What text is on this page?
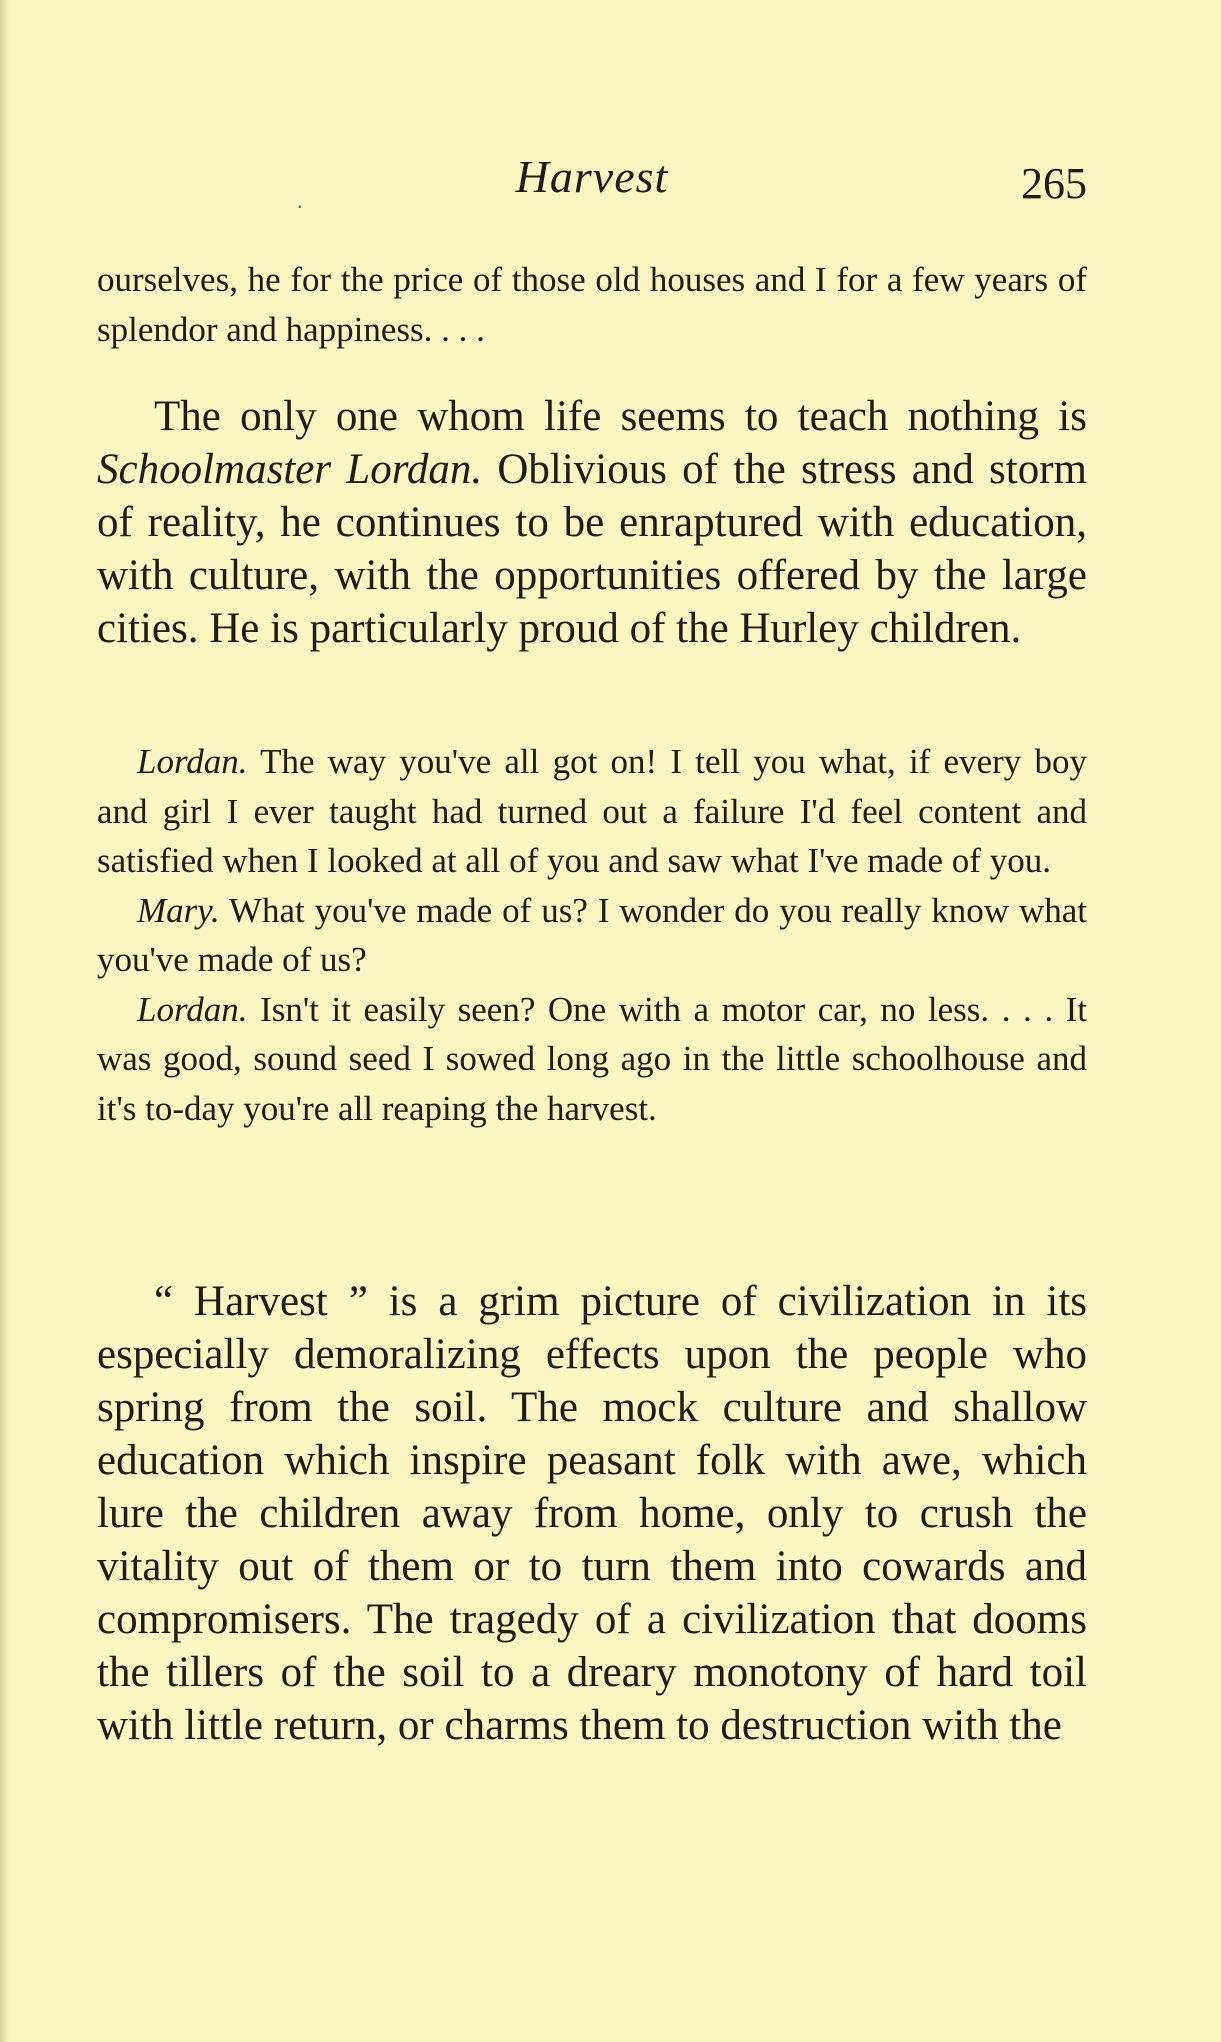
.	Harvest	265

ourselves, he for the price of those old houses and I for a few years of splendor and happiness. . . .

The only one whom life seems to teach nothing is Schoolmaster Lordan. Oblivious of the stress and storm of reality, he continues to be enraptured with education, with culture, with the opportunities offered by the large cities. He is particularly proud of the Hurley children.

Lordan. The way you've all got on! I tell you what, if every boy and girl I ever taught had turned out a failure I'd feel content and satisfied when I looked at all of you and saw what I've made of you.

Mary. What you've made of us? I wonder do you really know what you've made of us?

Lordan. Isn't it easily seen? One with a motor car, no less. . . . It was good, sound seed I sowed long ago in the little schoolhouse and it's to-day you're all reaping the harvest.

“ Harvest ” is a grim picture of civilization in its especially demoralizing effects upon the people who spring from the soil. The mock culture and shallow education which inspire peasant folk with awe, which lure the children away from home, only to crush the vitality out of them or to turn them into cowards and compromisers. The tragedy of a civilization that dooms the tillers of the soil to a dreary monotony of hard toil with little return, or charms them to destruction with the
